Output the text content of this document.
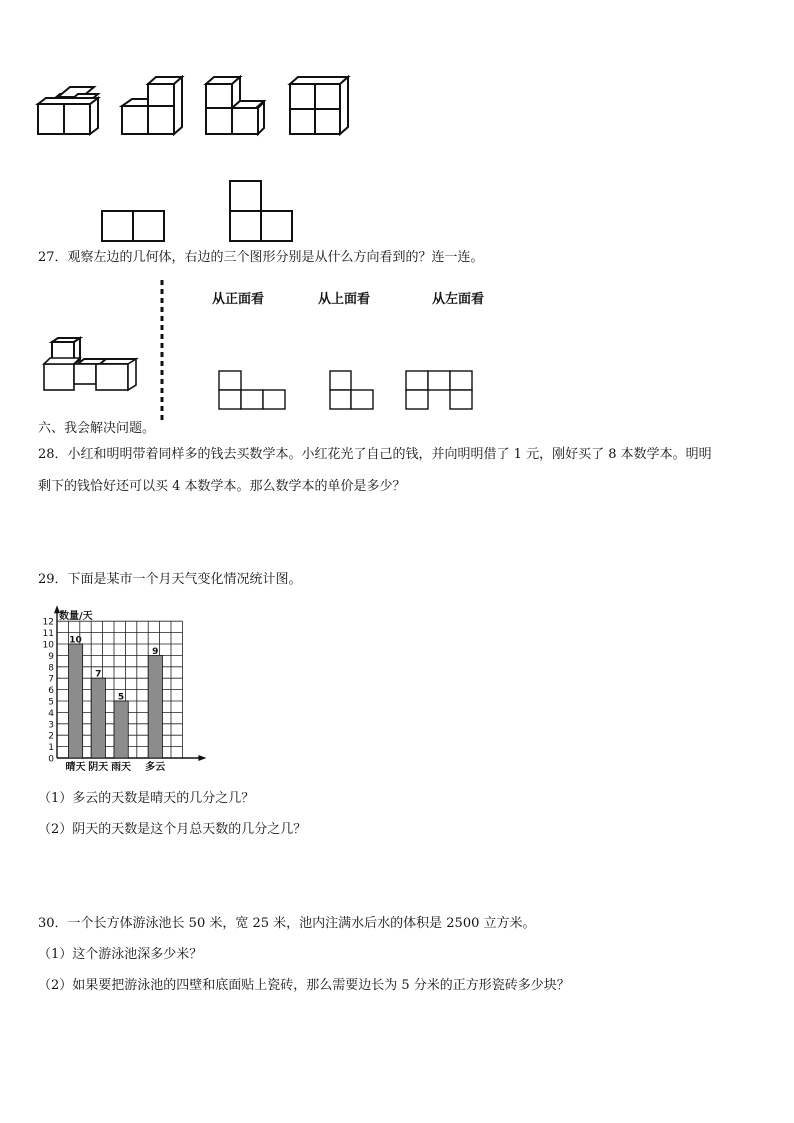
27．观察左边的几何体，右边的三个图形分别是从什么方向看到的？连一连。
从正面看	从上面看	从左面看
六、我会解决问题。
28．小红和明明带着同样多的钱去买数学本。小红花光了自己的钱，并向明明借了 1 元，刚好买了 8 本数学本。明明
剩下的钱恰好还可以买 4 本数学本。那么数学本的单价是多少？
29．下面是某市一个月天气变化情况统计图。
0
1
2
3
4
5
6
7
8
9
10
11
12
数量/天
10
晴天
7
阴天
5
雨天
9
多云
（1）多云的天数是晴天的几分之几？
（2）阴天的天数是这个月总天数的几分之几？
30．一个长方体游泳池长 50 米，宽 25 米，池内注满水后水的体积是 2500 立方米。
（1）这个游泳池深多少米？
（2）如果要把游泳池的四壁和底面贴上瓷砖，那么需要边长为 5 分米的正方形瓷砖多少块？
